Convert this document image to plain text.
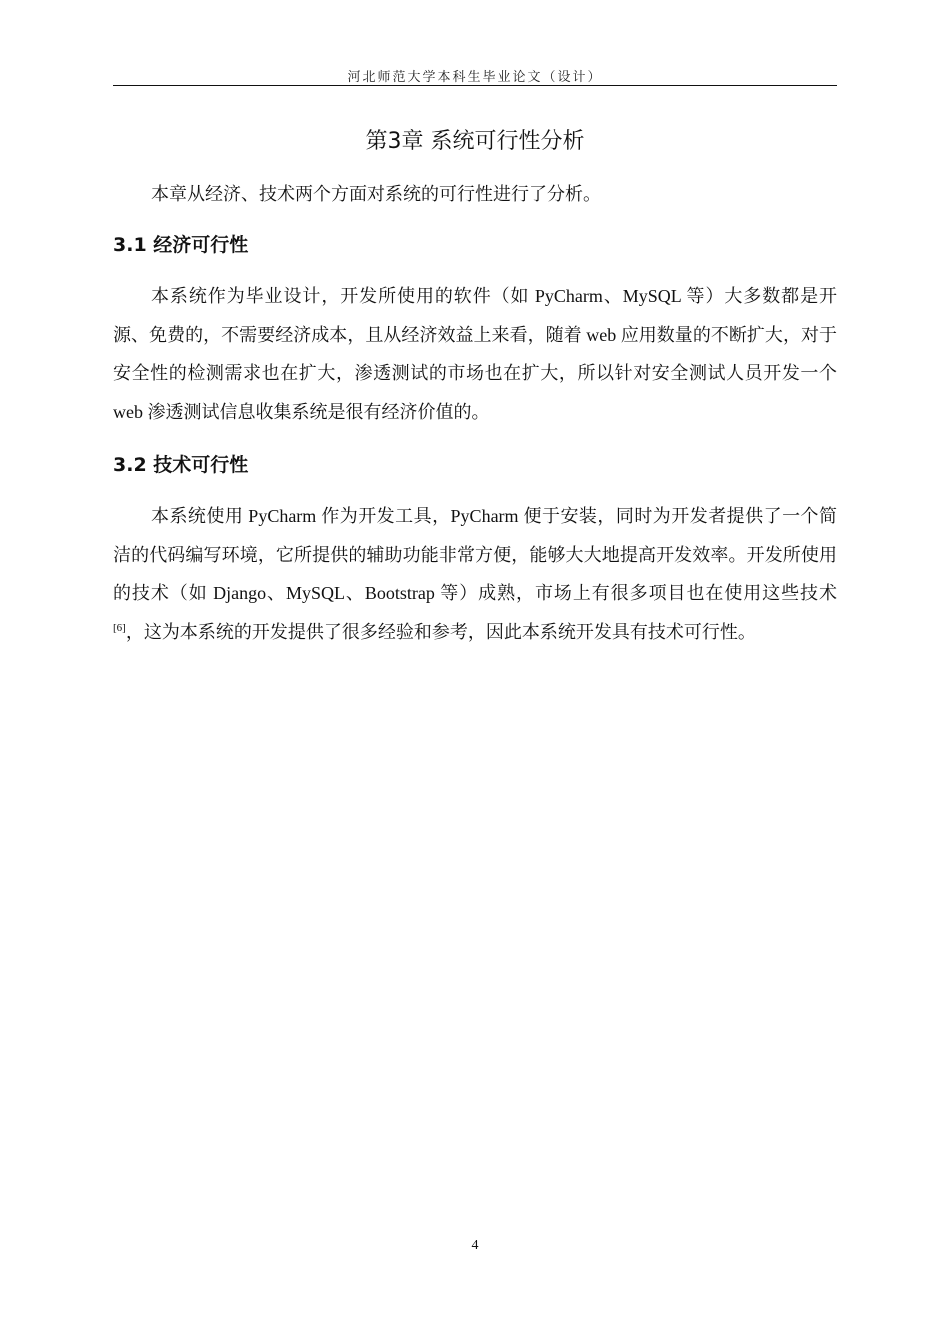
河北师范大学本科生毕业论文（设计）
第3章 系统可行性分析

本章从经济、技术两个方面对系统的可行性进行了分析。

3.1 经济可行性

本系统作为毕业设计，开发所使用的软件（如 PyCharm、MySQL 等）大多数都是开源、免费的，不需要经济成本，且从经济效益上来看，随着 web 应用数量的不断扩大，对于安全性的检测需求也在扩大，渗透测试的市场也在扩大，所以针对安全测试人员开发一个 web 渗透测试信息收集系统是很有经济价值的。

3.2 技术可行性

本系统使用 PyCharm 作为开发工具，PyCharm 便于安装，同时为开发者提供了一个简洁的代码编写环境，它所提供的辅助功能非常方便，能够大大地提高开发效率。开发所使用的技术（如 Django、MySQL、Bootstrap 等）成熟，市场上有很多项目也在使用这些技术[6]，这为本系统的开发提供了很多经验和参考，因此本系统开发具有技术可行性。

4
